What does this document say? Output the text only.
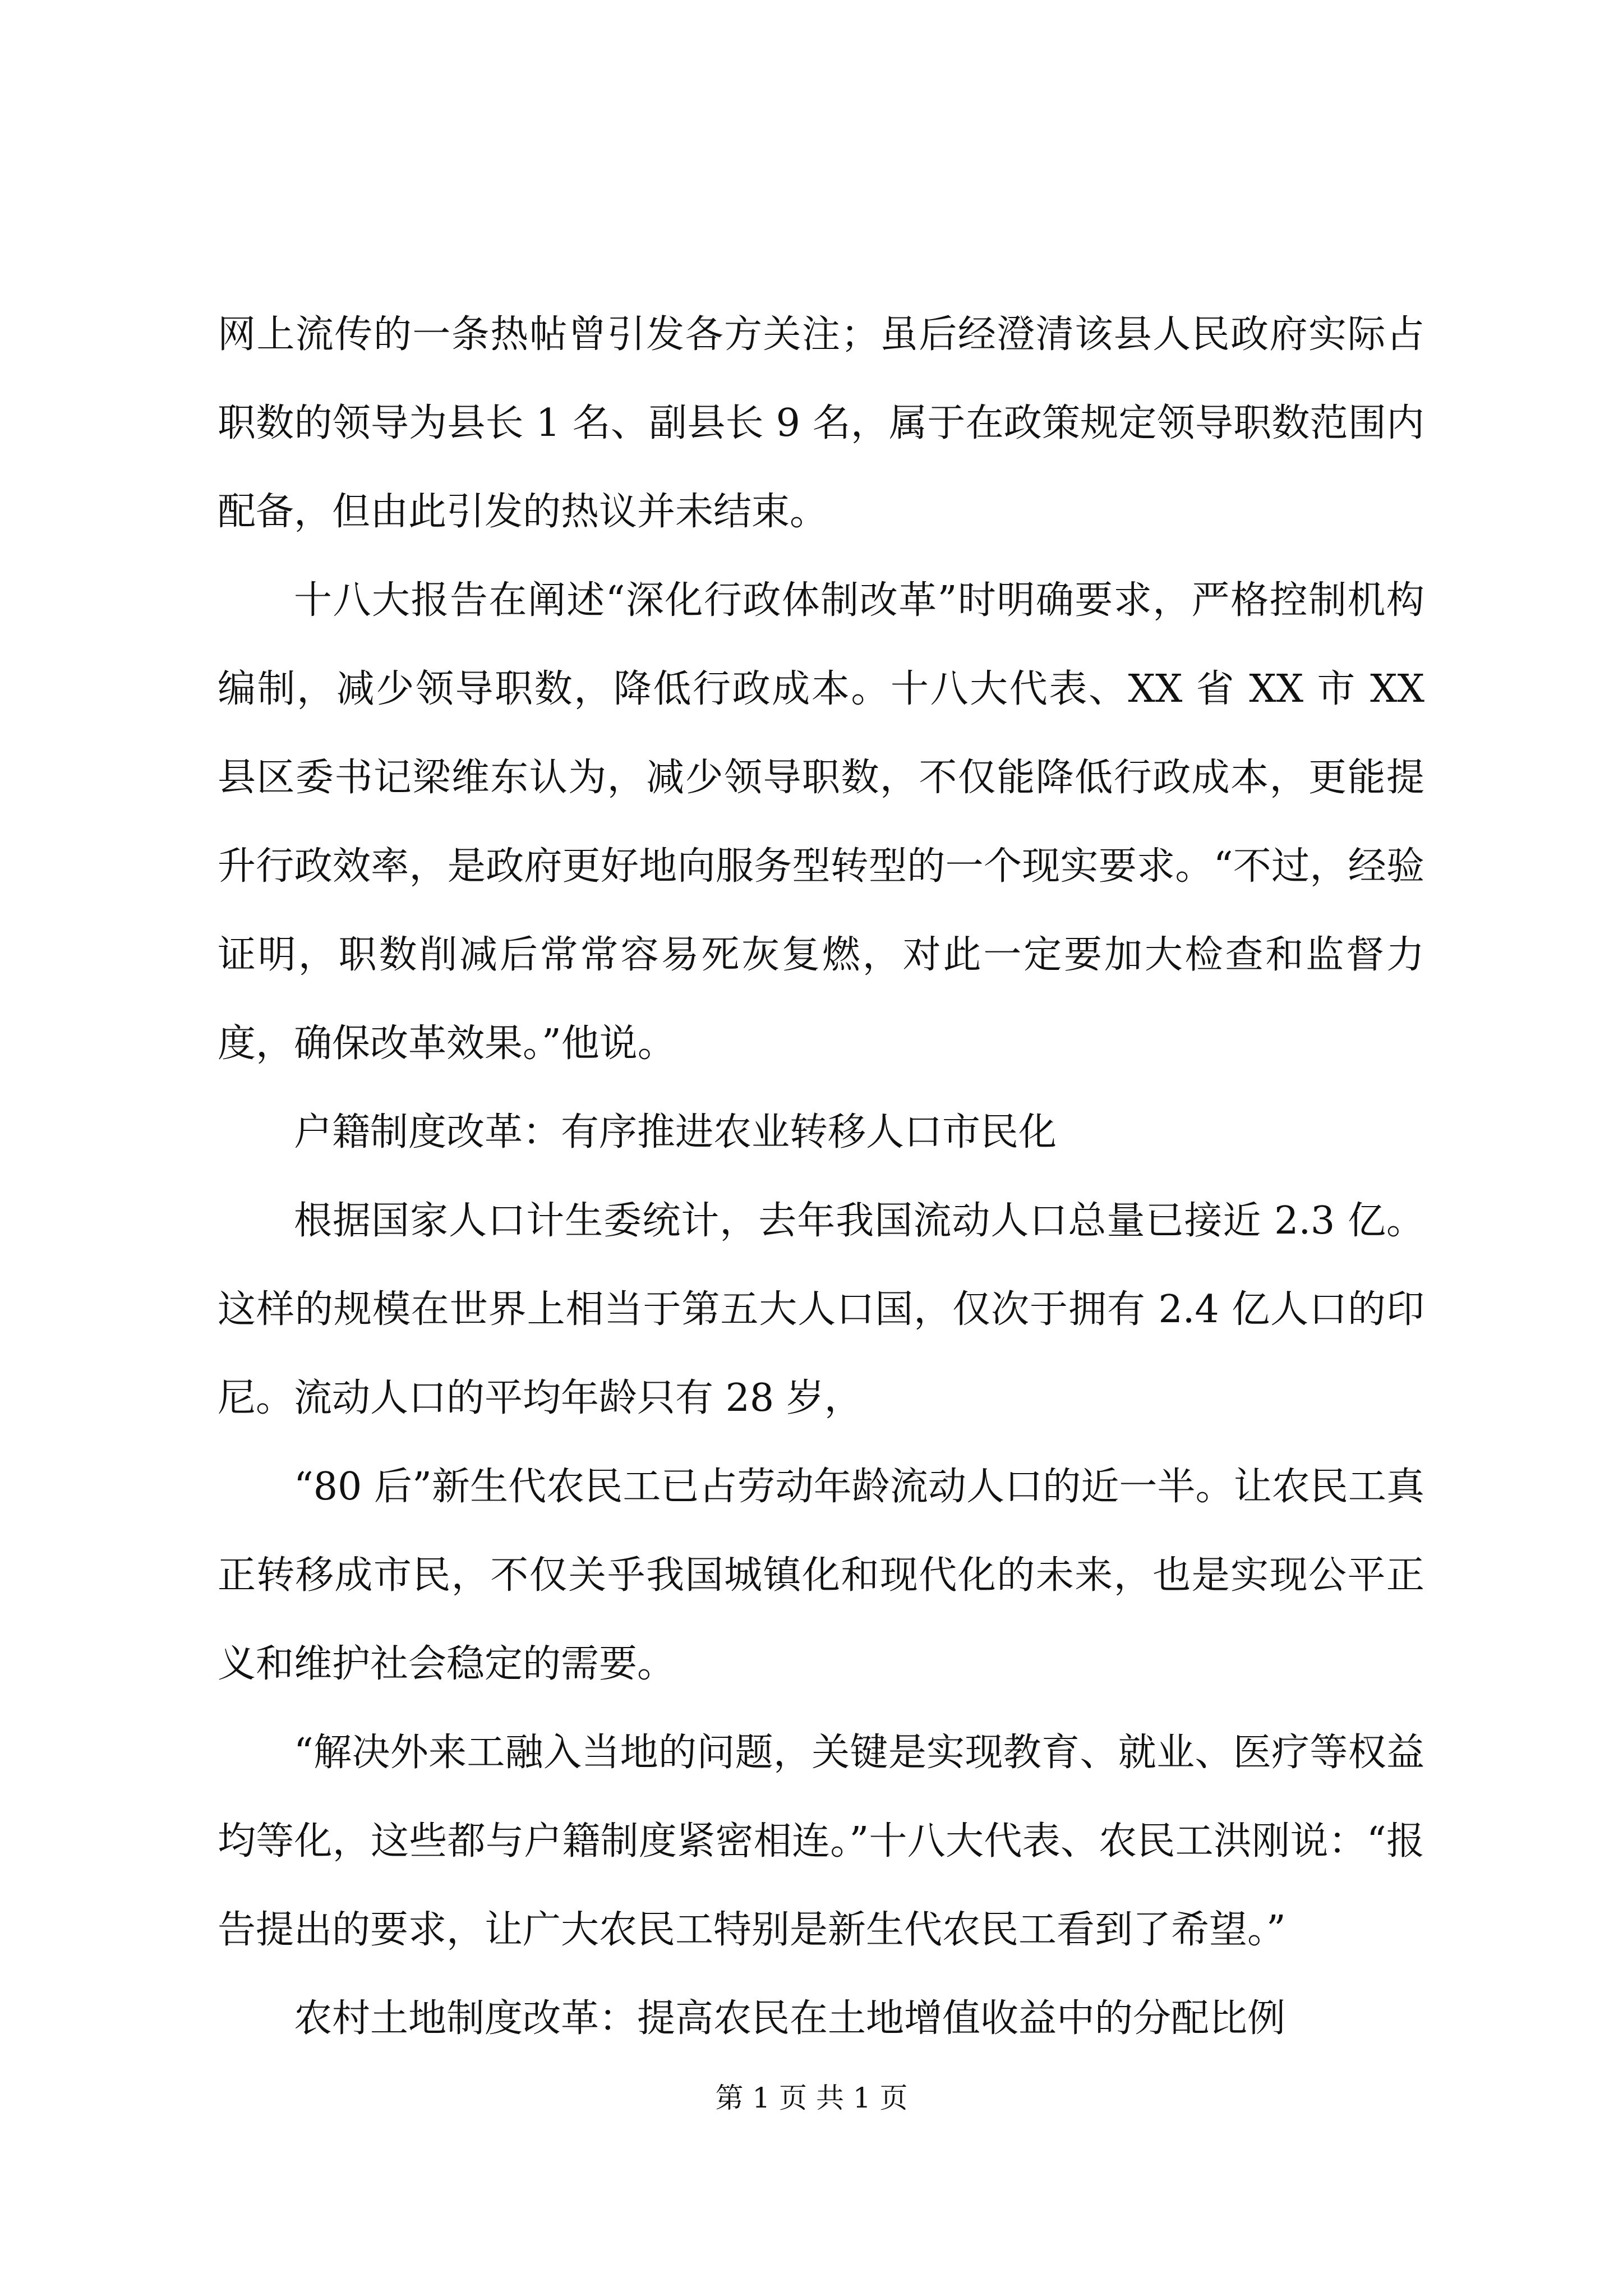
网上流传的一条热帖曾引发各方关注；虽后经澄清该县人民政府实际占职数的领导为县长 1 名、副县长 9 名，属于在政策规定领导职数范围内配备，但由此引发的热议并未结束。

十八大报告在阐述“深化行政体制改革”时明确要求，严格控制机构编制，减少领导职数，降低行政成本。十八大代表、XX 省 XX 市 XX 县区委书记梁维东认为，减少领导职数，不仅能降低行政成本，更能提升行政效率，是政府更好地向服务型转型的一个现实要求。“不过，经验证明，职数削减后常常容易死灰复燃，对此一定要加大检查和监督力度，确保改革效果。”他说。

户籍制度改革：有序推进农业转移人口市民化

根据国家人口计生委统计，去年我国流动人口总量已接近 2.3 亿。这样的规模在世界上相当于第五大人口国，仅次于拥有 2.4 亿人口的印尼。流动人口的平均年龄只有 28 岁，

“80 后”新生代农民工已占劳动年龄流动人口的近一半。让农民工真正转移成市民，不仅关乎我国城镇化和现代化的未来，也是实现公平正义和维护社会稳定的需要。

“解决外来工融入当地的问题，关键是实现教育、就业、医疗等权益均等化，这些都与户籍制度紧密相连。”十八大代表、农民工洪刚说：“报告提出的要求，让广大农民工特别是新生代农民工看到了希望。”

农村土地制度改革：提高农民在土地增值收益中的分配比例

第 1 页 共 1 页
